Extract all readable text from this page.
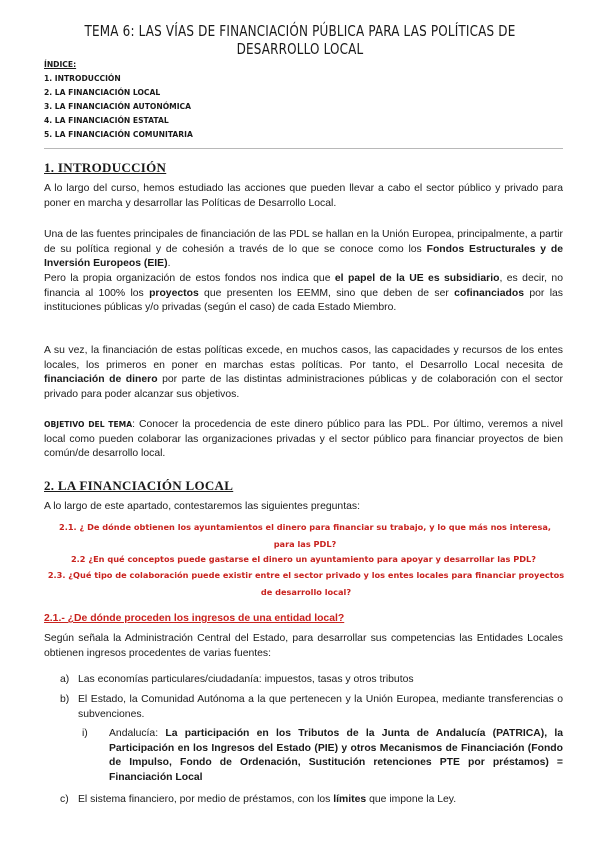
TEMA 6: LAS VÍAS DE FINANCIACIÓN PÚBLICA PARA LAS POLÍTICAS DE DESARROLLO LOCAL
ÍNDICE:
1. INTRODUCCIÓN
2. LA FINANCIACIÓN LOCAL
3. LA FINANCIACIÓN AUTONÓMICA
4. LA FINANCIACIÓN ESTATAL
5. LA FINANCIACIÓN COMUNITARIA
1. INTRODUCCIÓN
A lo largo del curso, hemos estudiado las acciones que pueden llevar a cabo el sector público y privado para poner en marcha y desarrollar las Políticas de Desarrollo Local.
Una de las fuentes principales de financiación de las PDL se hallan en la Unión Europea, principalmente, a partir de su política regional y de cohesión a través de lo que se conoce como los Fondos Estructurales y de Inversión Europeos (EIE).
Pero la propia organización de estos fondos nos indica que el papel de la UE es subsidiario, es decir, no financia al 100% los proyectos que presenten los EEMM, sino que deben de ser cofinanciados por las instituciones públicas y/o privadas (según el caso) de cada Estado Miembro.
A su vez, la financiación de estas políticas excede, en muchos casos, las capacidades y recursos de los entes locales, los primeros en poner en marchas estas políticas. Por tanto, el Desarrollo Local necesita de financiación de dinero por parte de las distintas administraciones públicas y de colaboración con el sector privado para poder alcanzar sus objetivos.
OBJETIVO DEL TEMA: Conocer la procedencia de este dinero público para las PDL. Por último, veremos a nivel local como pueden colaborar las organizaciones privadas y el sector público para financiar proyectos de bien común/de desarrollo local.
2. LA FINANCIACIÓN LOCAL
A lo largo de este apartado, contestaremos las siguientes preguntas:
2.1. ¿ De dónde obtienen los ayuntamientos el dinero para financiar su trabajo, y lo que más nos interesa, para las PDL?
2.2 ¿En qué conceptos puede gastarse el dinero un ayuntamiento para apoyar y desarrollar las PDL?
2.3. ¿Qué tipo de colaboración puede existir entre el sector privado y los entes locales para financiar proyectos de desarrollo local?
2.1.- ¿De dónde proceden los ingresos de una entidad local?
Según señala la Administración Central del Estado, para desarrollar sus competencias las Entidades Locales obtienen ingresos procedentes de varias fuentes:
a) Las economías particulares/ciudadanía: impuestos, tasas y otros tributos
b) El Estado, la Comunidad Autónoma a la que pertenecen y la Unión Europea, mediante transferencias o subvenciones.
i) Andalucía: La participación en los Tributos de la Junta de Andalucía (PATRICA), la Participación en los Ingresos del Estado (PIE) y otros Mecanismos de Financiación (Fondo de Impulso, Fondo de Ordenación, Sustitución retenciones PTE por préstamos) = Financiación Local
c) El sistema financiero, por medio de préstamos, con los límites que impone la Ley.
